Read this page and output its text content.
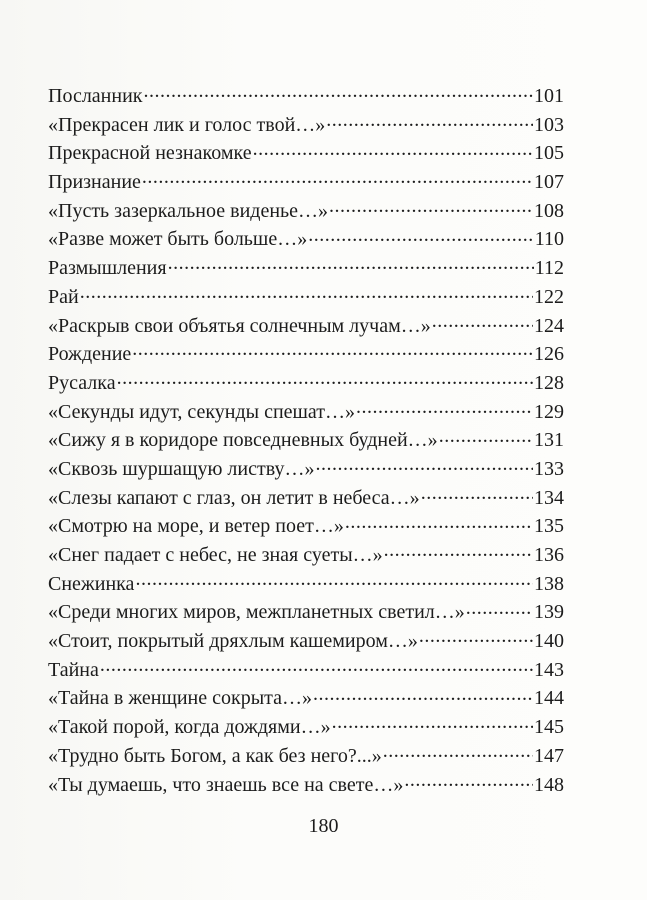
Посланник .....	101
«Прекрасен лик и голос твой…» .....	103
Прекрасной незнакомке .....	105
Признание .....	107
«Пусть зазеркальное виденье…» .....	108
«Разве может быть больше…» .....	110
Размышления .....	112
Рай .....	122
«Раскрыв свои объятья солнечным лучам…» .....	124
Рождение .....	126
Русалка .....	128
«Секунды идут, секунды спешат…» .....	129
«Сижу я в коридоре повседневных будней…» .....	131
«Сквозь шуршащую листву…» .....	133
«Слезы капают с глаз, он летит в небеса…» .....	134
«Смотрю на море, и ветер поет…» .....	135
«Снег падает с небес, не зная суеты…» .....	136
Снежинка .....	138
«Среди многих миров, межпланетных светил…» .....	139
«Стоит, покрытый дряхлым кашемиром…» .....	140
Тайна .....	143
«Тайна в женщине сокрыта…» .....	144
«Такой порой, когда дождями…» .....	145
«Трудно быть Богом, а как без него?...» .....	147
«Ты думаешь, что знаешь все на свете…» .....	148
180
